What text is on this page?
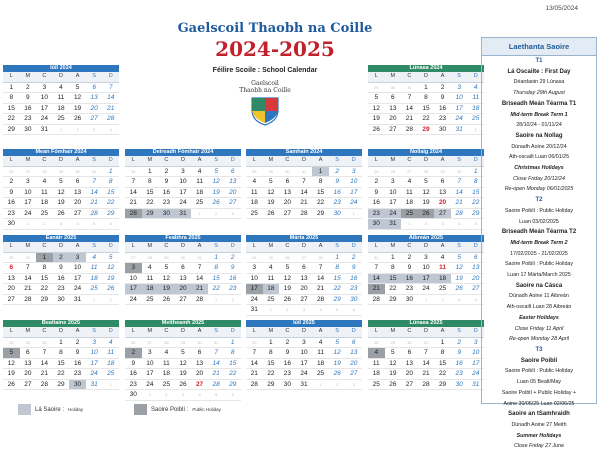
13/05/2024
Gaelscoil Thaobh na Coille
2024-2025
Féilire Scoile : School Calendar
Gaelscoil
Thaobh na Coille
Iúil 2024
L	M	C	D	A	S	D
1	2	3	4	5	6	7
8	9	10	11	12	13	14
15	16	17	18	19	20	21
22	23	24	25	26	27	28
29	30	31	1	2	3	4
Lúnasa 2024
L	M	C	D	A	S	D
29	30	31	1	2	3	4
5	6	7	8	9	10	11
12	13	14	15	16	17	18
19	20	21	22	23	24	25
26	27	28	29	30	31	1
Mean Fómhair 2024
L	M	C	D	A	S	D
26	27	28	29	30	31	1
2	3	4	5	6	7	8
9	10	11	12	13	14	15
16	17	18	19	20	21	22
23	24	25	26	27	28	29
30	1	2	3	4	5	6
Deireadh Fómhair 2024
L	M	C	D	A	S	D
30	1	2	3	4	5	6
7	8	9	10	11	12	13
14	15	16	17	18	19	20
21	22	23	24	25	26	27
28	29	30	31	1	2	3
Samhain 2024
L	M	C	D	A	S	D
28	29	30	31	1	2	3
4	5	6	7	8	9	10
11	12	13	14	15	16	17
18	19	20	21	22	23	24
25	26	27	28	29	30	1
Nollaig 2024
L	M	C	D	A	S	D
25	26	27	28	29	30	1
2	3	4	5	6	7	8
9	10	11	12	13	14	15
16	17	18	19	20	21	22
23	24	25	26	27	28	29
30	31	1	2	3	4	5
Eanáir 2025
L	M	C	D	A	S	D
30	31	1	2	3	4	5
6	7	8	9	10	11	12
13	14	15	16	17	18	19
20	21	22	23	24	25	26
27	28	29	30	31	1	2
Feabhra 2025
L	M	C	D	A	S	D
27	28	29	30	31	1	2
3	4	5	6	7	8	9
10	11	12	13	14	15	16
17	18	19	20	21	22	23
24	25	26	27	28	1	2
Márta 2025
L	M	C	D	A	S	D
24	25	26	27	28	1	2
3	4	5	6	7	8	9
10	11	12	13	14	15	16
17	18	19	20	21	22	23
24	25	26	27	28	29	30
31	1	2	3	4	5	6
Aibreán 2025
L	M	C	D	A	S	D
31	1	2	3	4	5	6
7	8	9	10	11	12	13
14	15	16	17	18	19	20
21	22	23	24	25	26	27
28	29	30	1	2	3	4
Bealtaine 2025
L	M	C	D	A	S	D
28	29	30	1	2	3	4
5	6	7	8	9	10	11
12	13	14	15	16	17	18
19	20	21	22	23	24	25
26	27	28	29	30	31	1
Meitheamh 2025
L	M	C	D	A	S	D
26	27	28	29	30	31	1
2	3	4	5	6	7	8
9	10	11	12	13	14	15
16	17	18	19	20	21	22
23	24	25	26	27	28	29
30	1	2	3	4	5	6
Iúil 2025
L	M	C	D	A	S	D
30	1	2	3	4	5	6
7	8	9	10	11	12	13
14	15	16	17	18	19	20
21	22	23	24	25	26	27
28	29	30	31	1	2	3
Lúnasa 2025
L	M	C	D	A	S	D
28	29	30	31	1	2	3
4	5	6	7	8	9	10
11	12	13	14	15	16	17
18	19	20	21	22	23	24
25	26	27	28	29	30	31
Lá Saoire : Holiday	Saoire Poiblí : Public Holiday
Laethanta Saoire
T1
Lá Oscailte : First Day
Déardaoin 29 Lúnasa
Thursday 29th August
Briseadh Meán Téarma T1
Mid-term Break Term 1
28/10/24 - 01/11/24
Saoire na Nollag
Dúnadh Aoine 20/12/24
Ath-oscailt Luan 06/01/25
Christmas Holidays
Close Friday 20/12/24
Re-open Monday 06/01/2025
T2
Saoire Poiblí : Public Holiday
Luan 03/02/2025
Briseadh Meán Téarma T2
Mid-term Break Term 2
17/02/2025 - 21/02/2025
Saoire Poiblí : Public Holiday
Luan 17 Márta/March 2025
Saoire na Cásca
Dúnadh Aoine 11 Aibreán
Ath-oscailt Luan 28 Aibreán
Easter Holidays
Close Friday 11 April
Re-open Monday 28 April
T3
Saoire Poiblí
Saoire Poiblí : Public Holiday
Luan 05 Bealt/May
Saoire Poiblí + Public Holiday +
Aoine 30/05/25 Luan 02/06/25
Saoire an tSamhraidh
Dúnadh Aoine 27 Meith
Summer Holidays
Close Friday 27 June
